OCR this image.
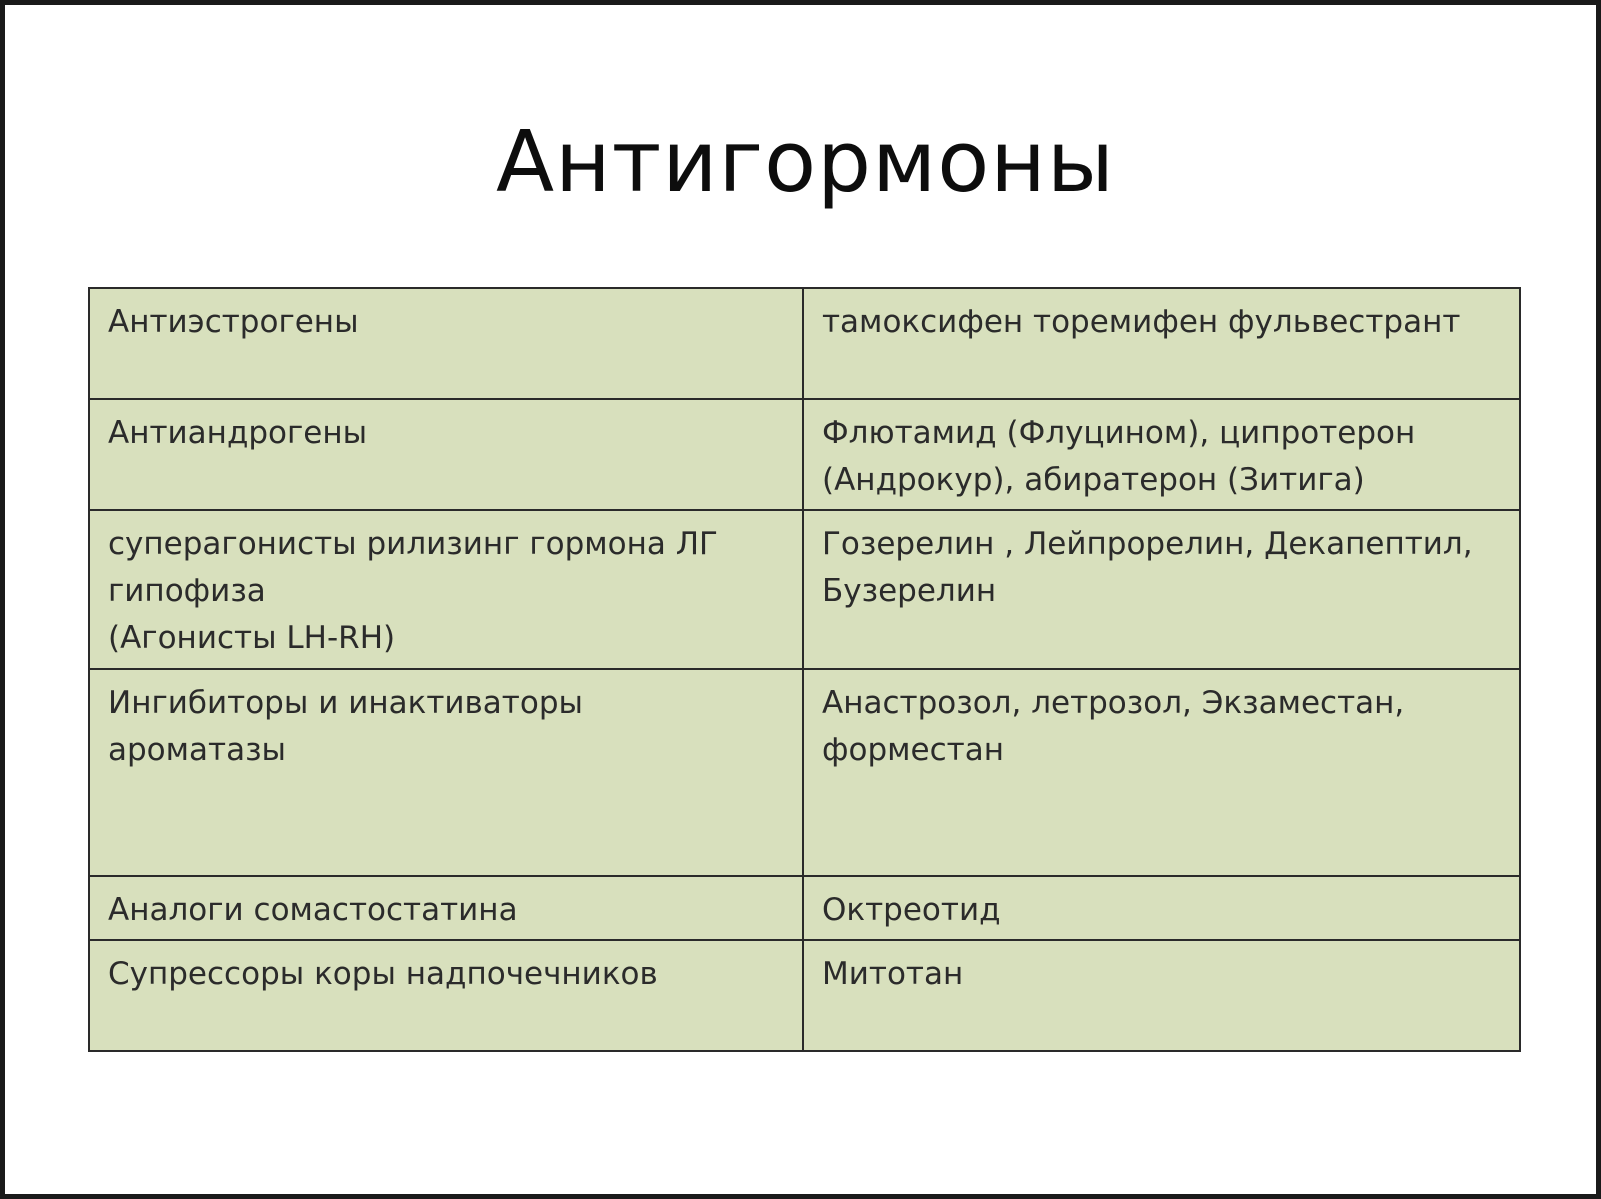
Антигормоны
Антиэстрогены	тамоксифен торемифен фульвестрант

Антиандрогены	Флютамид (Флуцином), ципротерон
(Андрокур), абиратерон (Зитига)

суперагонисты рилизинг гормона ЛГ
гипофиза
(Агонисты LH-RH)	Гозерелин , Лейпрорелин, Декапептил,
Бузерелин

Ингибиторы и инактиваторы
ароматазы	Анастрозол, летрозол, Экзаместан,
форместан

Аналоги сомастостатина	Октреотид

Супрессоры коры надпочечников	Митотан
